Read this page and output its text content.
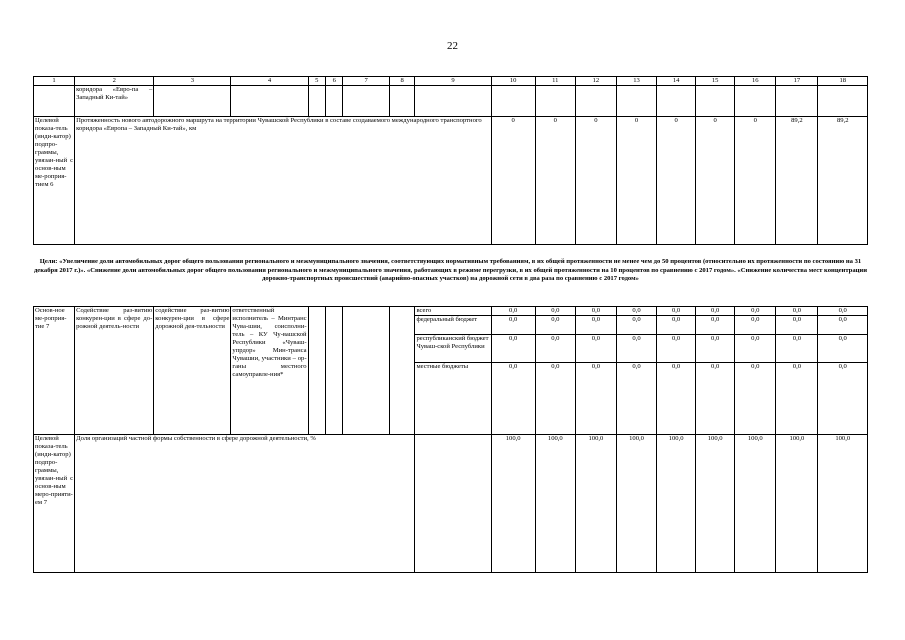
22
1	2	3	4	5	6	7	8	9	10	11	12	13	14	15	16	17	18
	коридора «Евро-па – Западный Ки-тай»																
Целевой показа-тель (инди-катор) подпро-граммы, увязан-ный с основ-ным ме-роприя-тием 6	Протяженность нового автодорожного маршрута на территории Чувашской Республики в составе создаваемого международного транспортного коридора «Европа – Западный Ки-тай», км								0	0	0	0	0	0	0	89,2	89,2
Цели: «Увеличение доли автомобильных дорог общего пользования регионального и межмуниципального значения, соответствующих нормативным требованиям, в их общей протяженности не менее чем до 50 процентов (относительно их протяженности по состоянию на 31 декабря 2017 г.)». «Снижение доли автомобильных дорог общего пользования регионального и межмуниципального значения, работающих в режиме перегрузки, в их общей протяженности на 10 процентов по сравнению с 2017 годом». «Снижение количества мест концентрации дорожно-транспортных происшествий (аварийно-опасных участков) на дорожной сети в два раза по сравнению с 2017 годом»
Основ-ное ме-роприя-тие 7	Содействие раз-витию конкурен-ции в сфере до-рожной деятель-ности	содействие раз-витию конкурен-ции в сфере дорожной дея-тельности	ответственный исполнитель – Минтранс Чува-шии, соисполни-тель – КУ Чу-вашской Республики «Чуваш-упрдор» Мин-транса Чувашии, участники – ор-ганы местного самоуправле-ния*					всего	0,0	0,0	0,0	0,0	0,0	0,0	0,0	0,0	0,0
								федеральный бюджет	0,0	0,0	0,0	0,0	0,0	0,0	0,0	0,0	0,0
								республиканский бюджет Чуваш-ской Республики	0,0	0,0	0,0	0,0	0,0	0,0	0,0	0,0	0,0
								местные бюджеты	0,0	0,0	0,0	0,0	0,0	0,0	0,0	0,0	0,0
Целевой показа-тель (инди-катор) подпро-граммы, увязан-ный с основ-ным меро-прияти-ем 7	Доля организаций частной формы собственности в сфере дорожной деятельности, %								100,0	100,0	100,0	100,0	100,0	100,0	100,0	100,0	100,0
